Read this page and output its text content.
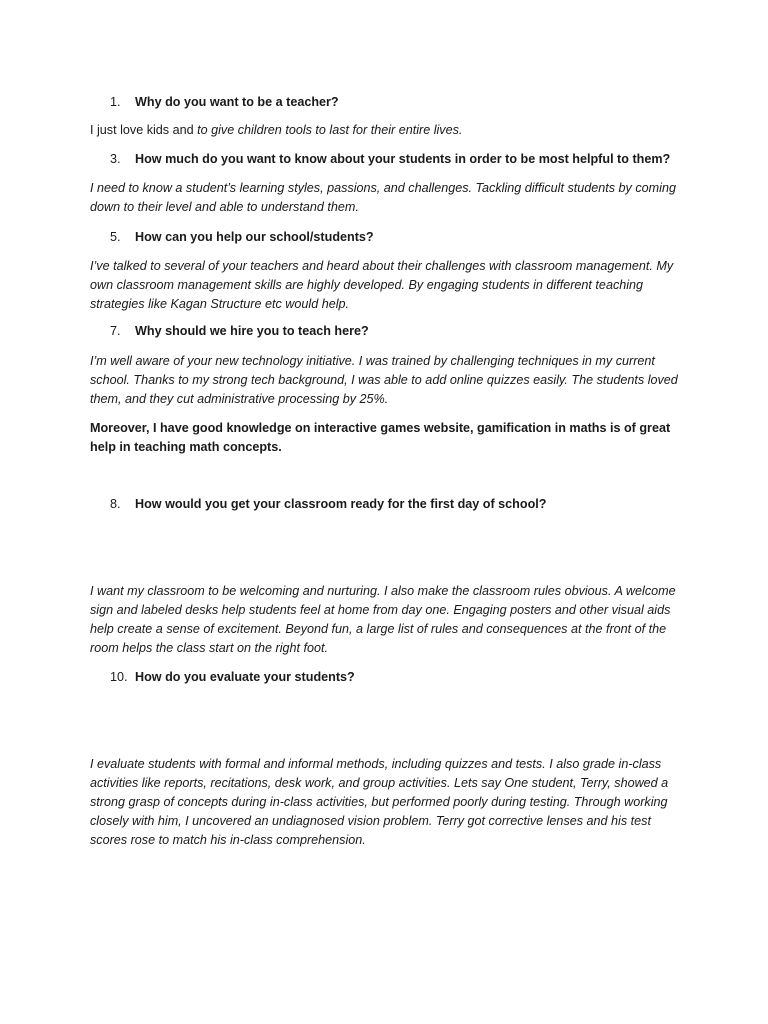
1. Why do you want to be a teacher?
I just love kids and to give children tools to last for their entire lives.
3. How much do you want to know about your students in order to be most helpful to them?
I need to know a student’s learning styles, passions, and challenges. Tackling difficult students by coming down to their level and able to understand them.
5. How can you help our school/students?
I’ve talked to several of your teachers and heard about their challenges with classroom management. My own classroom management skills are highly developed. By engaging students in different teaching strategies like Kagan Structure etc would help.
7. Why should we hire you to teach here?
I’m well aware of your new technology initiative. I was trained by challenging techniques in my current school. Thanks to my strong tech background, I was able to add online quizzes easily. The students loved them, and they cut administrative processing by 25%.
Moreover, I have good knowledge on interactive games website, gamification in maths is of great help in teaching math concepts.
8. How would you get your classroom ready for the first day of school?
I want my classroom to be welcoming and nurturing. I also make the classroom rules obvious. A welcome sign and labeled desks help students feel at home from day one. Engaging posters and other visual aids help create a sense of excitement. Beyond fun, a large list of rules and consequences at the front of the room helps the class start on the right foot.
10. How do you evaluate your students?
I evaluate students with formal and informal methods, including quizzes and tests. I also grade in-class activities like reports, recitations, desk work, and group activities. Lets say One student, Terry, showed a strong grasp of concepts during in-class activities, but performed poorly during testing. Through working closely with him, I uncovered an undiagnosed vision problem. Terry got corrective lenses and his test scores rose to match his in-class comprehension.
